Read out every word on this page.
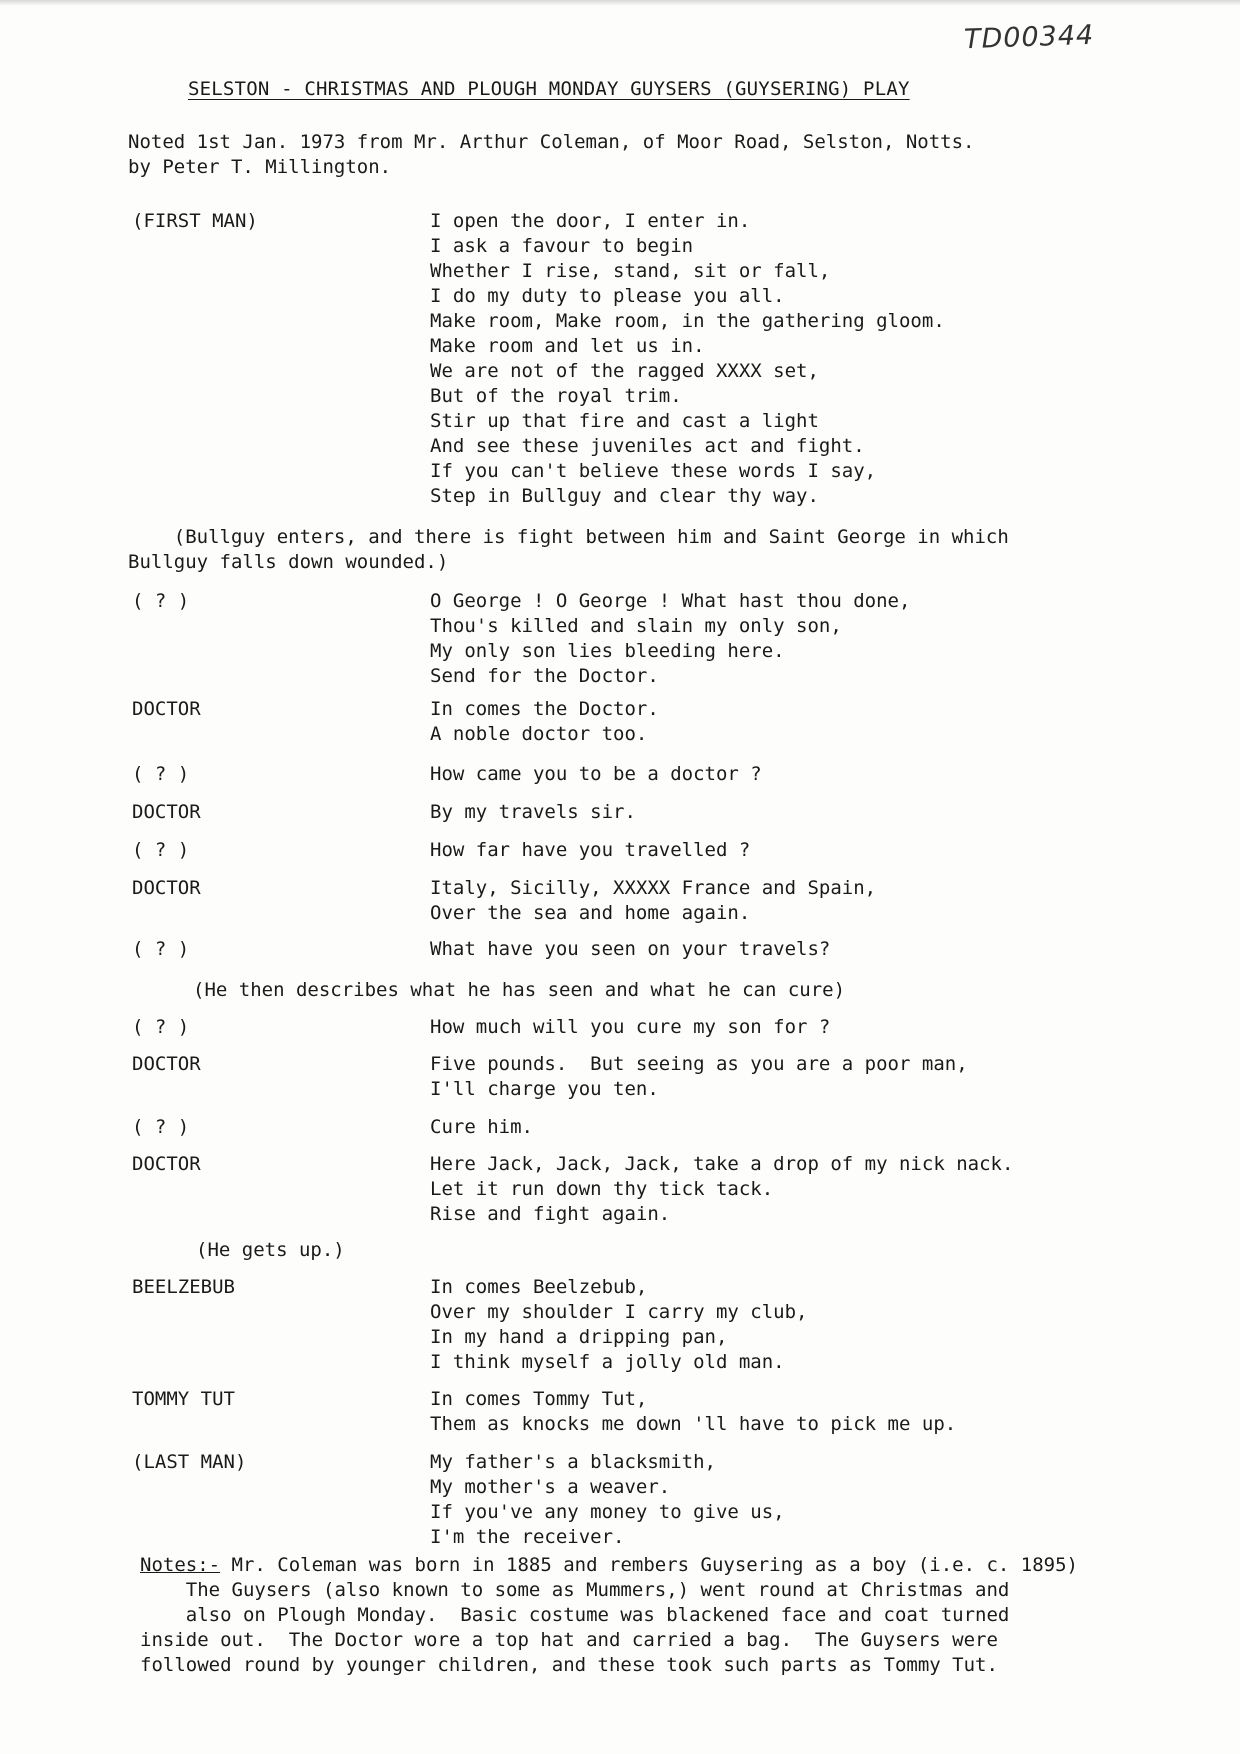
TD00344
SELSTON - CHRISTMAS AND PLOUGH MONDAY GUYSERS (GUYSERING) PLAY
Noted 1st Jan. 1973 from Mr. Arthur Coleman, of Moor Road, Selston, Notts.
by Peter T. Millington.
(FIRST MAN)	I open the door, I enter in.
I ask a favour to begin
Whether I rise, stand, sit or fall,
I do my duty to please you all.
Make room, Make room, in the gathering gloom.
Make room and let us in.
We are not of the ragged XXXX set,
But of the royal trim.
Stir up that fire and cast a light
And see these juveniles act and fight.
If you can't believe these words I say,
Step in Bullguy and clear thy way.
(Bullguy enters, and there is fight between him and Saint George in which
Bullguy falls down wounded.)
( ? )	O George ! O George ! What hast thou done,
Thou's killed and slain my only son,
My only son lies bleeding here.
Send for the Doctor.
DOCTOR	In comes the Doctor.
A noble doctor too.
( ? )	How came you to be a doctor ?
DOCTOR	By my travels sir.
( ? )	How far have you travelled ?
DOCTOR	Italy, Sicilly, XXXXX France and Spain,
Over the sea and home again.
( ? )	What have you seen on your travels?
(He then describes what he has seen and what he can cure)
( ? )	How much will you cure my son for ?
DOCTOR	Five pounds.  But seeing as you are a poor man,
I'll charge you ten.
( ? )	Cure him.
DOCTOR	Here Jack, Jack, Jack, take a drop of my nick nack.
Let it run down thy tick tack.
Rise and fight again.
(He gets up.)
BEELZEBUB	In comes Beelzebub,
Over my shoulder I carry my club,
In my hand a dripping pan,
I think myself a jolly old man.
TOMMY TUT	In comes Tommy Tut,
Them as knocks me down 'll have to pick me up.
(LAST MAN)	My father's a blacksmith,
My mother's a weaver.
If you've any money to give us,
I'm the receiver.
Notes:- Mr. Coleman was born in 1885 and rembers Guysering as a boy (i.e. c. 1895)
The Guysers (also known to some as Mummers,) went round at Christmas and
also on Plough Monday.  Basic costume was blackened face and coat turned
inside out.  The Doctor wore a top hat and carried a bag.  The Guysers were
followed round by younger children, and these took such parts as Tommy Tut.
